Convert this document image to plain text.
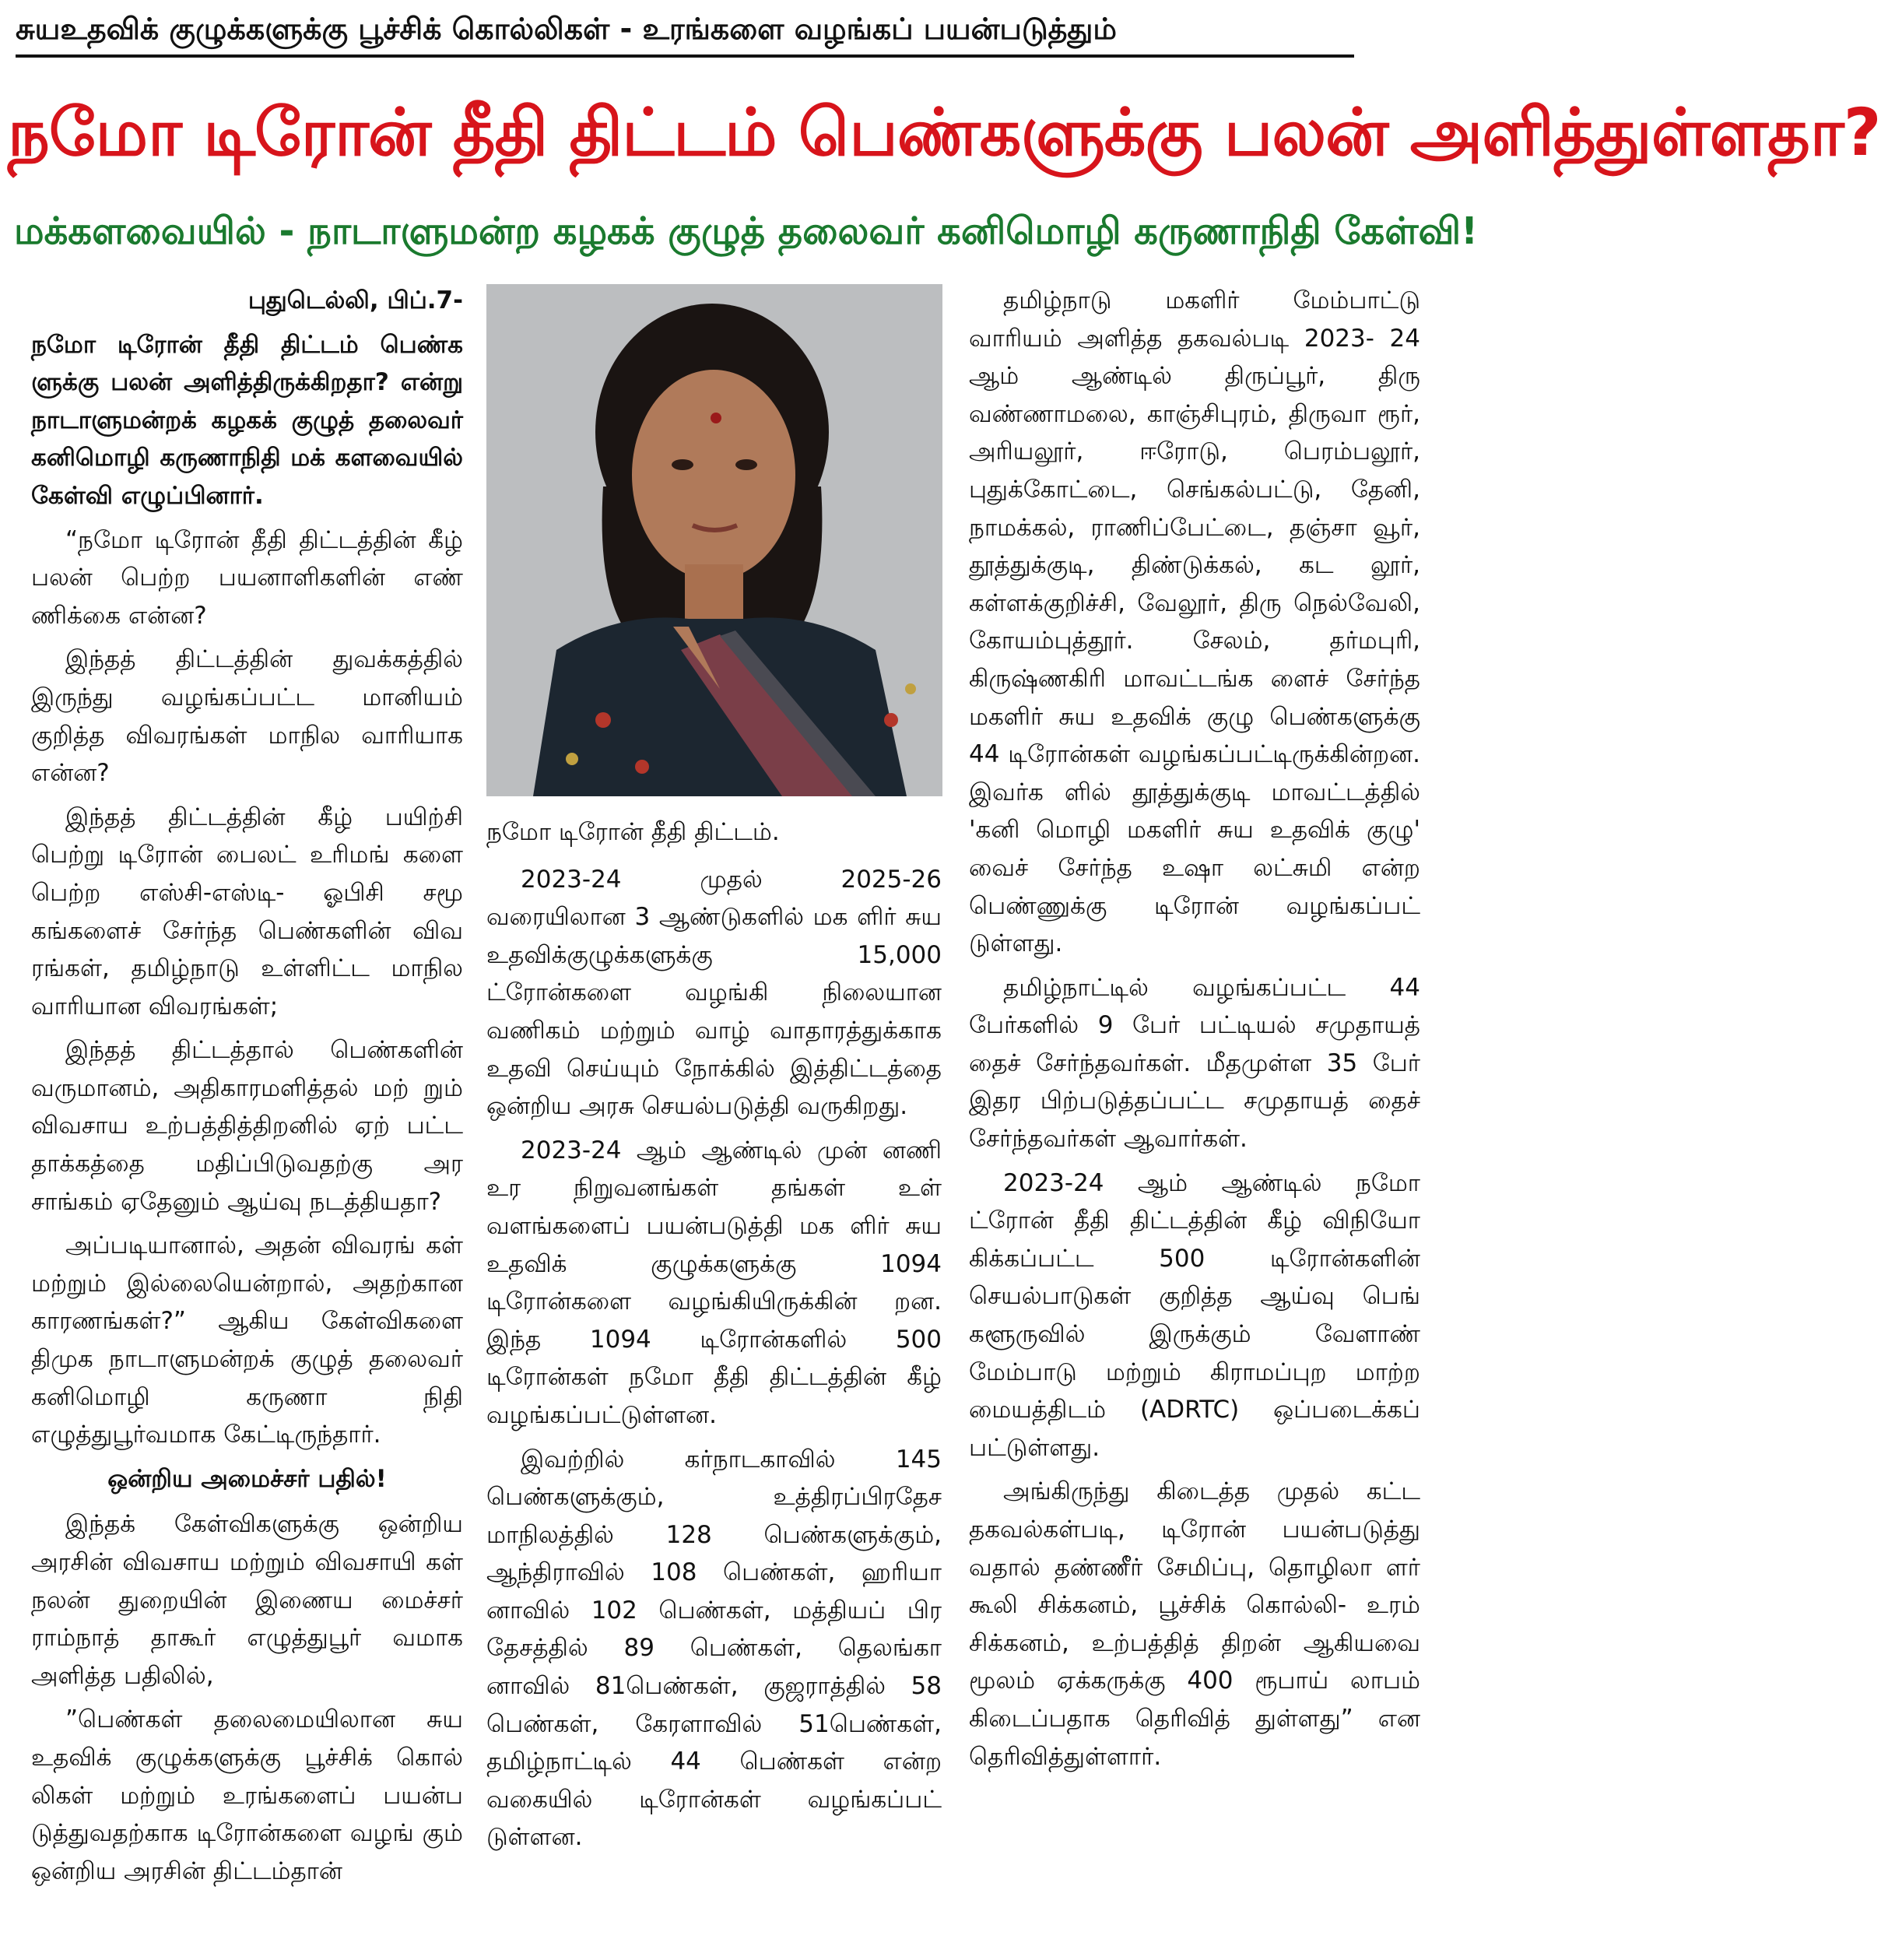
சுயஉதவிக் குழுக்களுக்கு பூச்சிக் கொல்லிகள் - உரங்களை வழங்கப் பயன்படுத்தும்
நமோ டிரோன் தீதி திட்டம் பெண்களுக்கு பலன் அளித்துள்ளதா?
மக்களவையில் - நாடாளுமன்ற கழகக் குழுத் தலைவர் கனிமொழி கருணாநிதி கேள்வி!

புதுடெல்லி, பிப்.7-

நமோ டிரோன் தீதி திட்டம் பெண்க ளுக்கு பலன் அளித்திருக்கிறதா? என்று நாடாளுமன்றக் கழகக் குழுத் தலைவர் கனிமொழி கருணாநிதி மக் களவையில் கேள்வி எழுப்பினார்.

“நமோ டிரோன் தீதி திட்டத்தின் கீழ் பலன் பெற்ற பயனாளிகளின் எண் ணிக்கை என்ன?

இந்தத் திட்டத்தின் துவக்கத்தில் இருந்து வழங்கப்பட்ட மானியம் குறித்த விவரங்கள் மாநில வாரியாக என்ன?

இந்தத் திட்டத்தின் கீழ் பயிற்சி பெற்று டிரோன் பைலட் உரிமங் களை பெற்ற எஸ்சி-எஸ்டி- ஓபிசி சமூ கங்களைச் சேர்ந்த பெண்களின் விவ ரங்கள், தமிழ்நாடு உள்ளிட்ட மாநில வாரியான விவரங்கள்;

இந்தத் திட்டத்தால் பெண்களின் வருமானம், அதிகாரமளித்தல் மற் றும் விவசாய உற்பத்தித்திறனில் ஏற் பட்ட தாக்கத்தை மதிப்பிடுவதற்கு அர சாங்கம் ஏதேனும் ஆய்வு நடத்தியதா?

அப்படியானால், அதன் விவரங் கள் மற்றும் இல்லையென்றால், அதற்கான காரணங்கள்?” ஆகிய கேள்விகளை திமுக நாடாளுமன்றக் குழுத் தலைவர் கனிமொழி கருணா நிதி எழுத்துபூர்வமாக கேட்டிருந்தார்.

ஒன்றிய அமைச்சர் பதில்!

இந்தக் கேள்விகளுக்கு ஒன்றிய அரசின் விவசாய மற்றும் விவசாயி கள் நலன் துறையின் இணைய மைச்சர் ராம்நாத் தாகூர் எழுத்துபூர் வமாக அளித்த பதிலில்,

”பெண்கள் தலைமையிலான சுய உதவிக் குழுக்களுக்கு பூச்சிக் கொல் லிகள் மற்றும் உரங்களைப் பயன்ப டுத்துவதற்காக டிரோன்களை வழங் கும் ஒன்றிய அரசின் திட்டம்தான்

நமோ டிரோன் தீதி திட்டம்.

2023-24 முதல் 2025-26 வரையிலான 3 ஆண்டுகளில் மக ளிர் சுய உதவிக்குழுக்களுக்கு 15,000 ட்ரோன்களை வழங்கி நிலையான வணிகம் மற்றும் வாழ் வாதாரத்துக்காக உதவி செய்யும் நோக்கில் இத்திட்டத்தை ஒன்றிய அரசு செயல்படுத்தி வருகிறது.

2023-24 ஆம் ஆண்டில் முன் னணி உர நிறுவனங்கள் தங்கள் உள் வளங்களைப் பயன்படுத்தி மக ளிர் சுய உதவிக் குழுக்களுக்கு 1094 டிரோன்களை வழங்கியிருக்கின் றன. இந்த 1094 டிரோன்களில் 500 டிரோன்கள் நமோ தீதி திட்டத்தின் கீழ் வழங்கப்பட்டுள்ளன.

இவற்றில் கர்நாடகாவில் 145 பெண்களுக்கும், உத்திரப்பிரதேச மாநிலத்தில் 128 பெண்களுக்கும், ஆந்திராவில் 108 பெண்கள், ஹரியா னாவில் 102 பெண்கள், மத்தியப் பிர தேசத்தில் 89 பெண்கள், தெலங்கா னாவில் 81பெண்கள், குஜராத்தில் 58 பெண்கள், கேரளாவில் 51பெண்கள், தமிழ்நாட்டில் 44 பெண்கள் என்ற வகையில் டிரோன்கள் வழங்கப்பட் டுள்ளன.

தமிழ்நாடு மகளிர் மேம்பாட்டு வாரியம் அளித்த தகவல்படி 2023- 24 ஆம் ஆண்டில் திருப்பூர், திரு வண்ணாமலை, காஞ்சிபுரம், திருவா ரூர், அரியலூர், ஈரோடு, பெரம்பலூர், புதுக்கோட்டை, செங்கல்பட்டு, தேனி, நாமக்கல், ராணிப்பேட்டை, தஞ்சா வூர், தூத்துக்குடி, திண்டுக்கல், கட லூர், கள்ளக்குறிச்சி, வேலூர், திரு நெல்வேலி, கோயம்புத்தூர். சேலம், தர்மபுரி, கிருஷ்ணகிரி மாவட்டங்க ளைச் சேர்ந்த மகளிர் சுய உதவிக் குழு பெண்களுக்கு 44 டிரோன்கள் வழங்கப்பட்டிருக்கின்றன. இவர்க ளில் தூத்துக்குடி மாவட்டத்தில் 'கனி மொழி மகளிர் சுய உதவிக் குழு' வைச் சேர்ந்த உஷா லட்சுமி என்ற பெண்ணுக்கு டிரோன் வழங்கப்பட் டுள்ளது.

தமிழ்நாட்டில் வழங்கப்பட்ட 44 பேர்களில் 9 பேர் பட்டியல் சமுதாயத் தைச் சேர்ந்தவர்கள். மீதமுள்ள 35 பேர் இதர பிற்படுத்தப்பட்ட சமுதாயத் தைச் சேர்ந்தவர்கள் ஆவார்கள்.

2023-24 ஆம் ஆண்டில் நமோ ட்ரோன் தீதி திட்டத்தின் கீழ் விநியோ கிக்கப்பட்ட 500 டிரோன்களின் செயல்பாடுகள் குறித்த ஆய்வு பெங் களூருவில் இருக்கும் வேளாண் மேம்பாடு மற்றும் கிராமப்புற மாற்ற மையத்திடம் (ADRTC) ஒப்படைக்கப் பட்டுள்ளது.

அங்கிருந்து கிடைத்த முதல் கட்ட தகவல்கள்படி, டிரோன் பயன்படுத்து வதால் தண்ணீர் சேமிப்பு, தொழிலா ளர் கூலி சிக்கனம், பூச்சிக் கொல்லி- உரம் சிக்கனம், உற்பத்தித் திறன் ஆகியவை மூலம் ஏக்கருக்கு 400 ரூபாய் லாபம் கிடைப்பதாக தெரிவித் துள்ளது” என தெரிவித்துள்ளார்.
